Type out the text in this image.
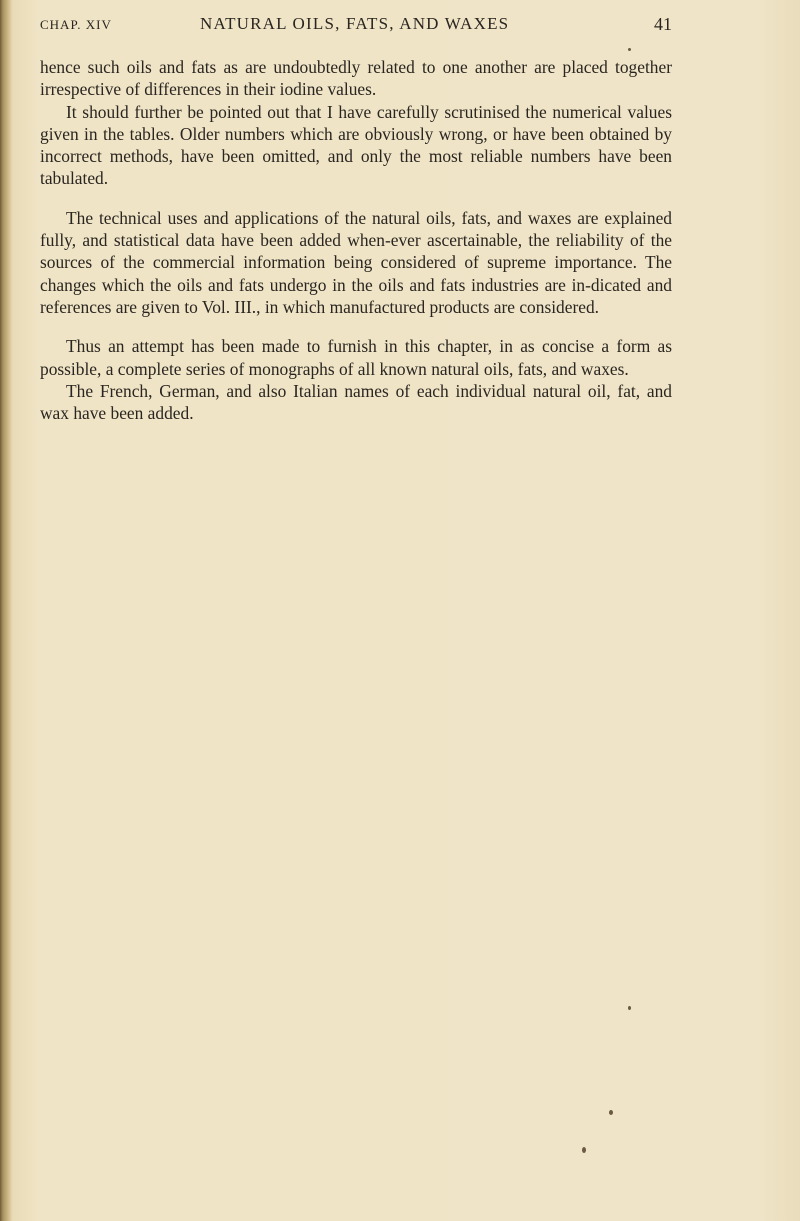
CHAP. XIV	NATURAL OILS, FATS, AND WAXES	41

hence such oils and fats as are undoubtedly related to one another are placed together irrespective of differences in their iodine values.

It should further be pointed out that I have carefully scrutinised the numerical values given in the tables. Older numbers which are obviously wrong, or have been obtained by incorrect methods, have been omitted, and only the most reliable numbers have been tabulated.

The technical uses and applications of the natural oils, fats, and waxes are explained fully, and statistical data have been added when-ever ascertainable, the reliability of the sources of the commercial information being considered of supreme importance. The changes which the oils and fats undergo in the oils and fats industries are in-dicated and references are given to Vol. III., in which manufactured products are considered.

Thus an attempt has been made to furnish in this chapter, in as concise a form as possible, a complete series of monographs of all known natural oils, fats, and waxes.

The French, German, and also Italian names of each individual natural oil, fat, and wax have been added.
